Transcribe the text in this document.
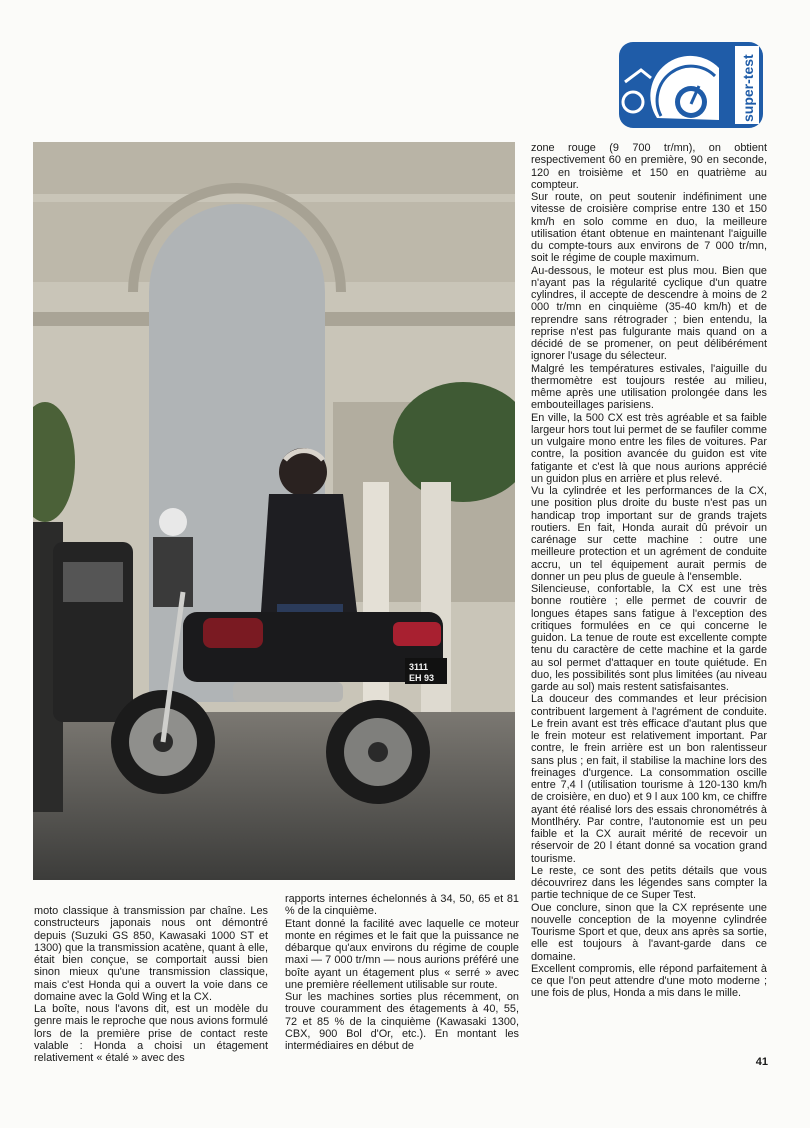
super-test
3111
EH 93

zone rouge (9 700 tr/mn), on obtient respectivement 60 en première, 90 en seconde, 120 en troisième et 150 en quatrième au compteur.

Sur route, on peut soutenir indéfiniment une vitesse de croisière comprise entre 130 et 150 km/h en solo comme en duo, la meilleure utilisation étant obtenue en maintenant l'aiguille du compte-tours aux environs de 7 000 tr/mn, soit le régime de couple maximum.

Au-dessous, le moteur est plus mou. Bien que n'ayant pas la régularité cyclique d'un quatre cylindres, il accepte de descendre à moins de 2 000 tr/mn en cinquième (35-40 km/h) et de reprendre sans rétrograder ; bien entendu, la reprise n'est pas fulgurante mais quand on a décidé de se promener, on peut délibérément ignorer l'usage du sélecteur.

Malgré les températures estivales, l'aiguille du thermomètre est toujours restée au milieu, même après une utilisation prolongée dans les embouteillages parisiens.

En ville, la 500 CX est très agréable et sa faible largeur hors tout lui permet de se faufiler comme un vulgaire mono entre les files de voitures. Par contre, la position avancée du guidon est vite fatigante et c'est là que nous aurions apprécié un guidon plus en arrière et plus relevé.

Vu la cylindrée et les performances de la CX, une position plus droite du buste n'est pas un handicap trop important sur de grands trajets routiers. En fait, Honda aurait dû prévoir un carénage sur cette machine : outre une meilleure protection et un agrément de conduite accru, un tel équipement aurait permis de donner un peu plus de gueule à l'ensemble.

Silencieuse, confortable, la CX est une très bonne routière ; elle permet de couvrir de longues étapes sans fatigue à l'exception des critiques formulées en ce qui concerne le guidon. La tenue de route est excellente compte tenu du caractère de cette machine et la garde au sol permet d'attaquer en toute quiétude. En duo, les possibilités sont plus limitées (au niveau garde au sol) mais restent satisfaisantes.

La douceur des commandes et leur précision contribuent largement à l'agrément de conduite. Le frein avant est très efficace d'autant plus que le frein moteur est relativement important. Par contre, le frein arrière est un bon ralentisseur sans plus ; en fait, il stabilise la machine lors des freinages d'urgence. La consommation oscille entre 7,4 l (utilisation tourisme à 120-130 km/h de croisière, en duo) et 9 l aux 100 km, ce chiffre ayant été réalisé lors des essais chronométrés à Montlhéry. Par contre, l'autonomie est un peu faible et la CX aurait mérité de recevoir un réservoir de 20 l étant donné sa vocation grand tourisme.

Le reste, ce sont des petits détails que vous découvrirez dans les légendes sans compter la partie technique de ce Super Test.

Oue conclure, sinon que la CX représente une nouvelle conception de la moyenne cylindrée Tourisme Sport et que, deux ans après sa sortie, elle est toujours à l'avant-garde dans ce domaine.

Excellent compromis, elle répond parfaitement à ce que l'on peut attendre d'une moto moderne ; une fois de plus, Honda a mis dans le mille.

moto classique à transmission par chaîne. Les constructeurs japonais nous ont démontré depuis (Suzuki GS 850, Kawasaki 1000 ST et 1300) que la transmission acatène, quant à elle, était bien conçue, se comportait aussi bien sinon mieux qu'une transmission classique, mais c'est Honda qui a ouvert la voie dans ce domaine avec la Gold Wing et la CX.

La boîte, nous l'avons dit, est un modèle du genre mais le reproche que nous avions formulé lors de la première prise de contact reste valable : Honda a choisi un étagement relativement « étalé » avec des

rapports internes échelonnés à 34, 50, 65 et 81 % de la cinquième.

Etant donné la facilité avec laquelle ce moteur monte en régimes et le fait que la puissance ne débarque qu'aux environs du régime de couple maxi — 7 000 tr/mn — nous aurions préféré une boîte ayant un étagement plus « serré » avec une première réellement utilisable sur route.

Sur les machines sorties plus récemment, on trouve couramment des étagements à 40, 55, 72 et 85 % de la cinquième (Kawasaki 1300, CBX, 900 Bol d'Or, etc.). En montant les intermédiaires en début de

41
